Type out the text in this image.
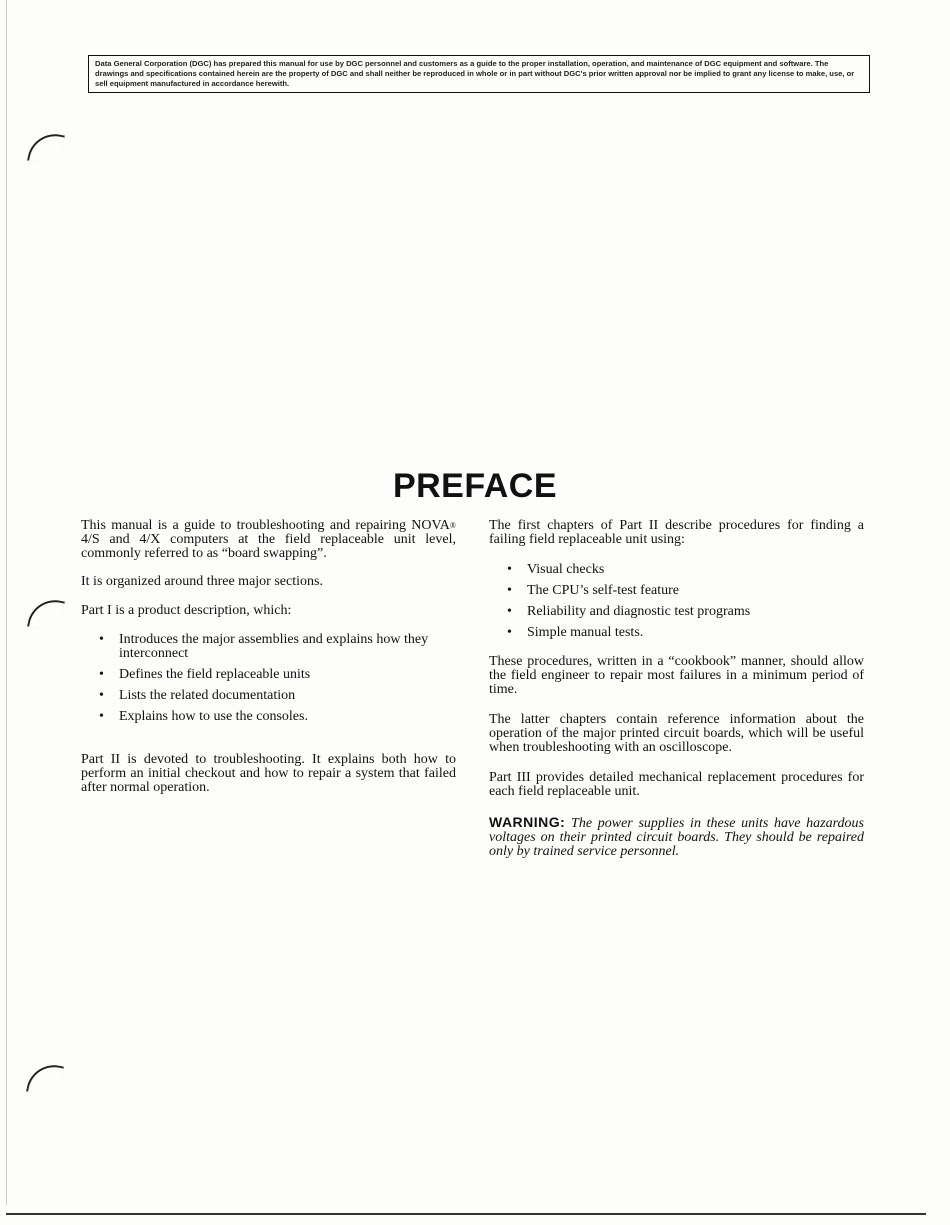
Data General Corporation (DGC) has prepared this manual for use by DGC personnel and customers as a guide to the proper installation, operation, and maintenance of DGC equipment and software. The drawings and specifications contained herein are the property of DGC and shall neither be reproduced in whole or in part without DGC's prior written approval nor be implied to grant any license to make, use, or sell equipment manufactured in accordance herewith.
PREFACE

This manual is a guide to troubleshooting and repairing NOVA® 4/S and 4/X computers at the field replaceable unit level, commonly referred to as “board swapping”.

It is organized around three major sections.

Part I is a product description, which:

• Introduces the major assemblies and explains how they interconnect
• Defines the field replaceable units
• Lists the related documentation
• Explains how to use the consoles.

Part II is devoted to troubleshooting. It explains both how to perform an initial checkout and how to repair a system that failed after normal operation.

The first chapters of Part II describe procedures for finding a failing field replaceable unit using:

• Visual checks
• The CPU’s self-test feature
• Reliability and diagnostic test programs
• Simple manual tests.

These procedures, written in a “cookbook” manner, should allow the field engineer to repair most failures in a minimum period of time.

The latter chapters contain reference information about the operation of the major printed circuit boards, which will be useful when troubleshooting with an oscilloscope.

Part III provides detailed mechanical replacement procedures for each field replaceable unit.

WARNING: The power supplies in these units have hazardous voltages on their printed circuit boards. They should be repaired only by trained service personnel.
